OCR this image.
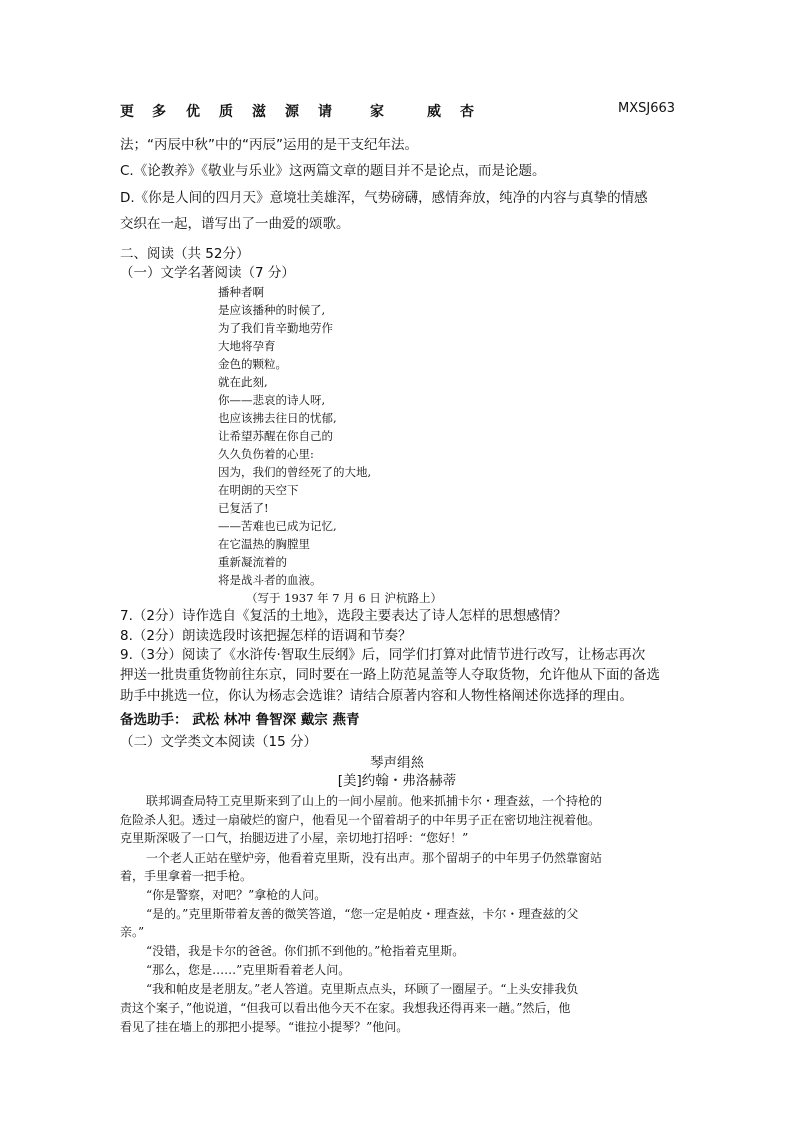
更 多 优 质 滋 源 请	家	威 杏	MXSJ663
法；“丙辰中秋”中的“丙辰”运用的是干支纪年法。
C.《论教养》《敬业与乐业》这两篇文章的题目并不是论点，而是论题。
D.《你是人间的四月天》意境壮美雄浑，气势磅礴，感情奔放，纯净的内容与真挚的情感
交织在一起，谱写出了一曲爱的颂歌。
二、阅读（共 52分）
（一）文学名著阅读（7 分）
播种者啊
是应该播种的时候了,
为了我们肯辛勤地劳作
大地将孕育
金色的颗粒。
就在此刻,
你——悲哀的诗人呀,
也应该拂去往日的忧郁,
让希望苏醒在你自己的
久久负伤着的心里:
因为，我们的曾经死了的大地,
在明朗的天空下
已复活了!
——苦难也已成为记忆,
在它温热的胸膛里
重新凝流着的
将是战斗者的血液。
（写于 1937 年 7 月 6 日 沪杭路上）
7.（2分）诗作选自《复活的土地》，选段主要表达了诗人怎样的思想感情？
8.（2分）朗读选段时该把握怎样的语调和节奏？
9.（3分）阅读了《水浒传·智取生辰纲》后，同学们打算对此情节进行改写，让杨志再次
押送一批贵重货物前往东京，同时要在一路上防范晁盖等人夺取货物，允许他从下面的备选
助手中挑选一位，你认为杨志会选谁？请结合原著内容和人物性格阐述你选择的理由。
备选助手： 武松 林冲 鲁智深 戴宗 燕青
（二）文学类文本阅读（15 分）
琴声绢𢇁
[美]约翰・弗洛赫蒂
联邦调查局特工克里斯来到了山上的一间小屋前。他来抓捕卡尔・理查兹，一个持枪的
危险杀人犯。透过一扇破烂的窗户，他看见一个留着胡子的中年男子正在密切地注视着他。
克里斯深吸了一口气，抬腿迈进了小屋，亲切地打招呼：“您好！”
一个老人正站在壁炉旁，他看着克里斯，没有出声。那个留胡子的中年男子仍然靠窗站
着，手里拿着一把手枪。
“你是警察，对吧？”拿枪的人问。
“是的。”克里斯带着友善的微笑答道，“您一定是帕皮・理查兹，卡尔・理查兹的父
亲。”
“没错，我是卡尔的爸爸。你们抓不到他的。”枪指着克里斯。
“那么，您是……”克里斯看着老人问。
“我和帕皮是老朋友。”老人答道。克里斯点点头，环顾了一圈屋子。“上头安排我负
责这个案子，”他说道，“但我可以看出他今天不在家。我想我还得再来一趟。”然后，他
看见了挂在墙上的那把小提琴。“谁拉小提琴？”他问。
